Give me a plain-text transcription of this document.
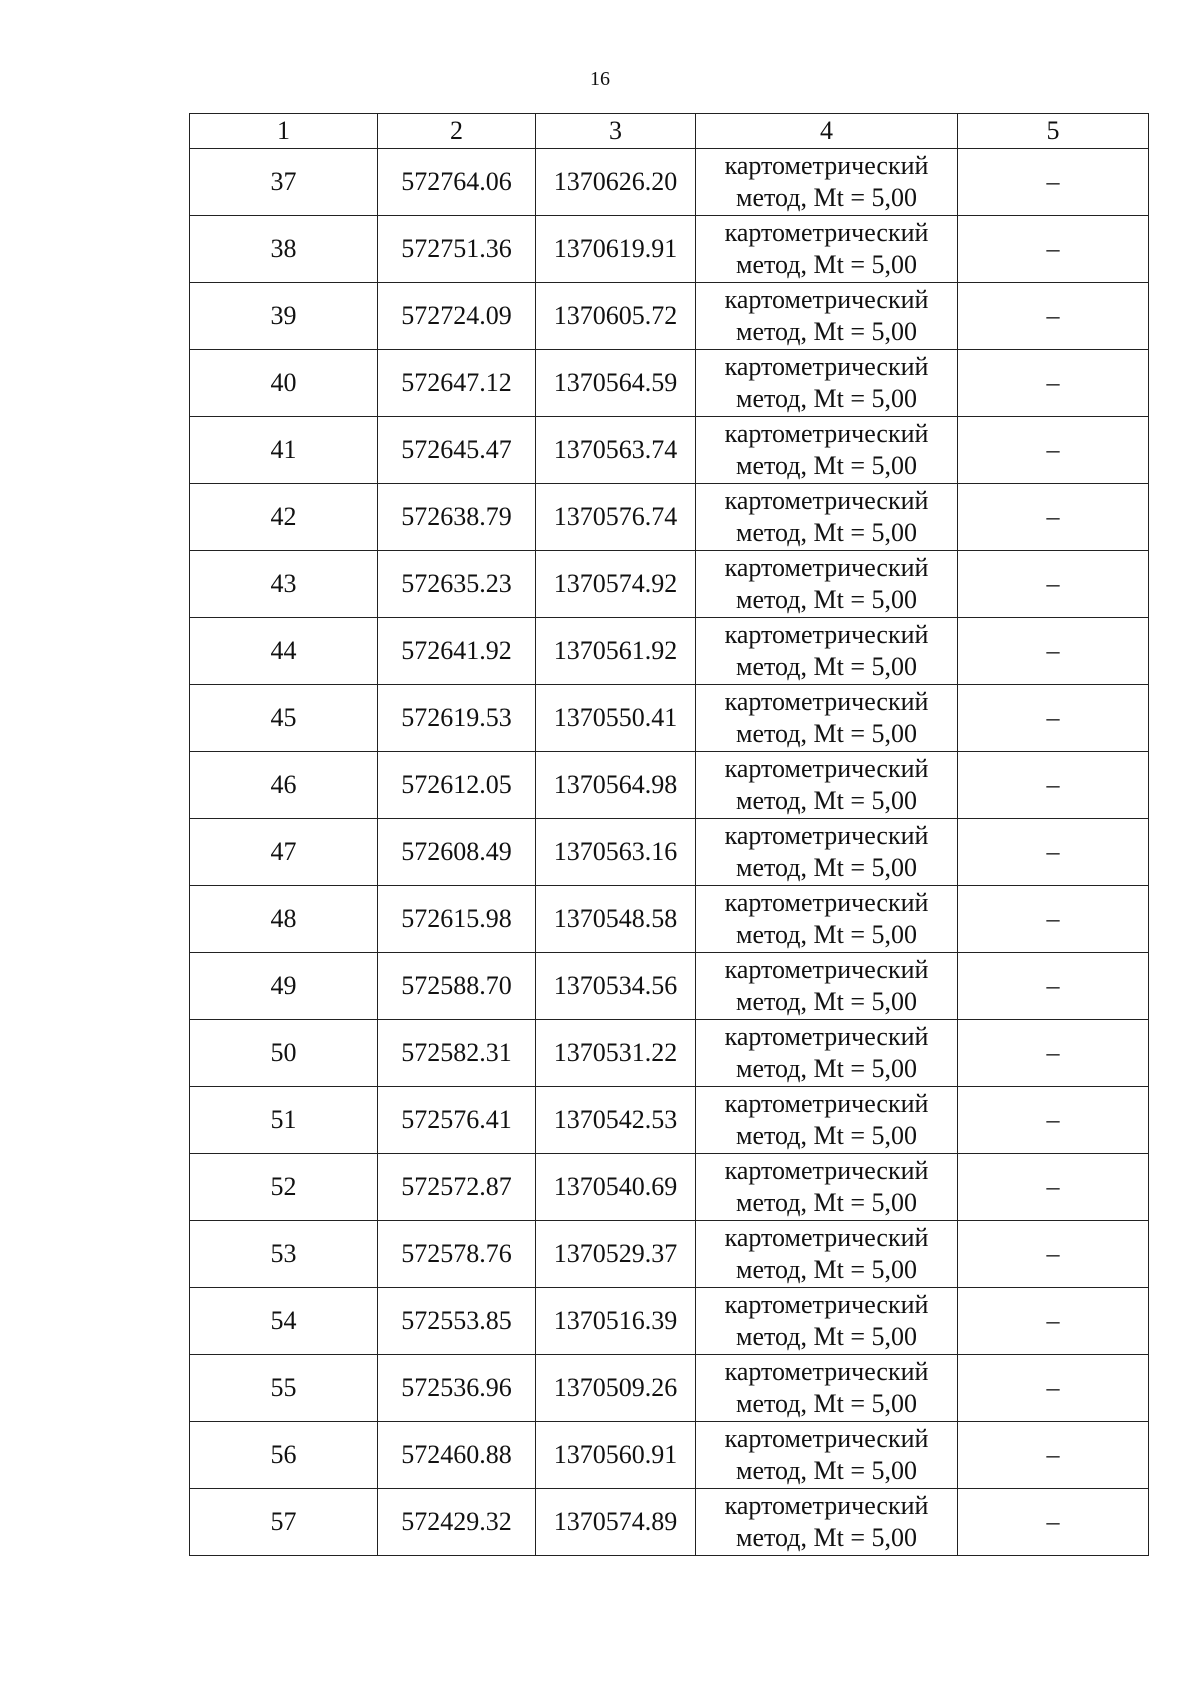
16
1	2	3	4	5
37	572764.06	1370626.20	картометрический
метод, Mt = 5,00	–
38	572751.36	1370619.91	картометрический
метод, Mt = 5,00	–
39	572724.09	1370605.72	картометрический
метод, Mt = 5,00	–
40	572647.12	1370564.59	картометрический
метод, Mt = 5,00	–
41	572645.47	1370563.74	картометрический
метод, Mt = 5,00	–
42	572638.79	1370576.74	картометрический
метод, Mt = 5,00	–
43	572635.23	1370574.92	картометрический
метод, Mt = 5,00	–
44	572641.92	1370561.92	картометрический
метод, Mt = 5,00	–
45	572619.53	1370550.41	картометрический
метод, Mt = 5,00	–
46	572612.05	1370564.98	картометрический
метод, Mt = 5,00	–
47	572608.49	1370563.16	картометрический
метод, Mt = 5,00	–
48	572615.98	1370548.58	картометрический
метод, Mt = 5,00	–
49	572588.70	1370534.56	картометрический
метод, Mt = 5,00	–
50	572582.31	1370531.22	картометрический
метод, Mt = 5,00	–
51	572576.41	1370542.53	картометрический
метод, Mt = 5,00	–
52	572572.87	1370540.69	картометрический
метод, Mt = 5,00	–
53	572578.76	1370529.37	картометрический
метод, Mt = 5,00	–
54	572553.85	1370516.39	картометрический
метод, Mt = 5,00	–
55	572536.96	1370509.26	картометрический
метод, Mt = 5,00	–
56	572460.88	1370560.91	картометрический
метод, Mt = 5,00	–
57	572429.32	1370574.89	картометрический
метод, Mt = 5,00	–
